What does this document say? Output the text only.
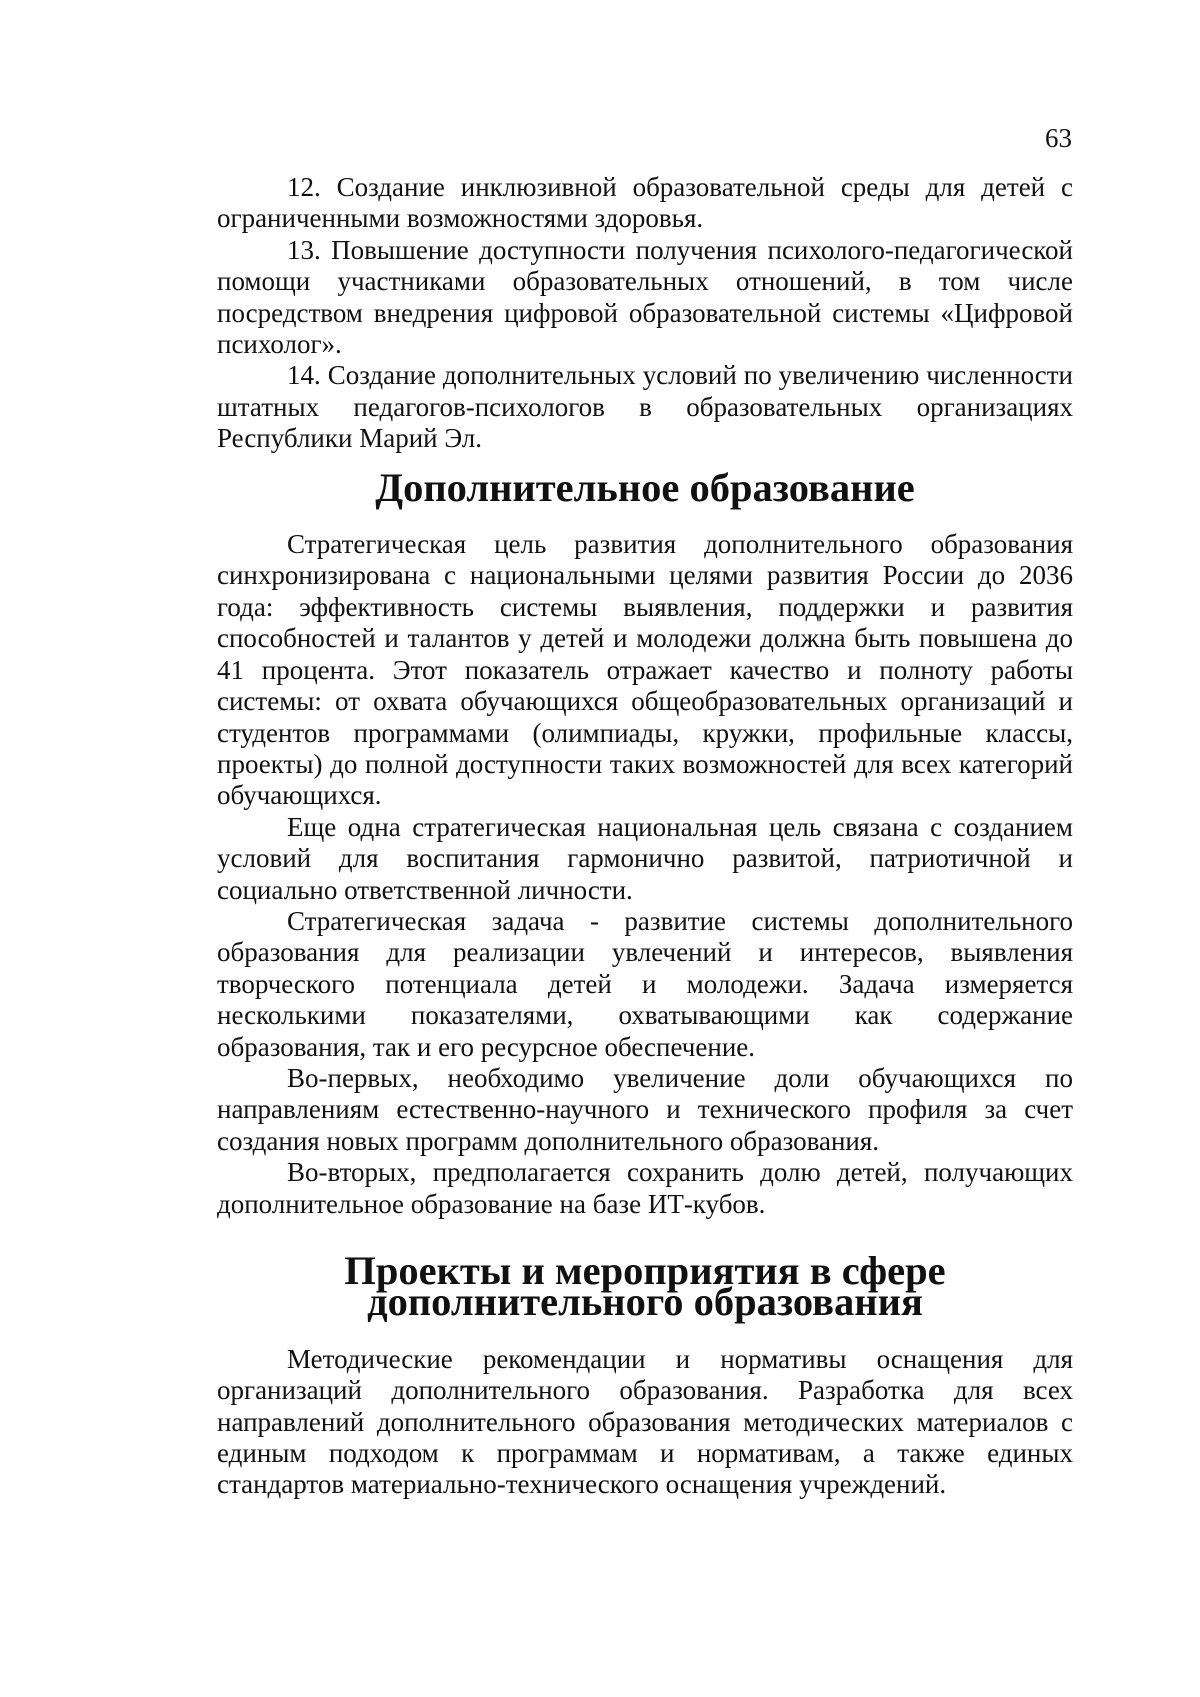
63

12. Создание инклюзивной образовательной среды для детей с ограниченными возможностями здоровья.

13. Повышение доступности получения психолого-педагогической помощи участниками образовательных отношений, в том числе посредством внедрения цифровой образовательной системы «Цифровой психолог».

14. Создание дополнительных условий по увеличению численности штатных педагогов-психологов в образовательных организациях Республики Марий Эл.

Дополнительное образование

Стратегическая цель развития дополнительного образования синхронизирована с национальными целями развития России до 2036 года: эффективность системы выявления, поддержки и развития способностей и талантов у детей и молодежи должна быть повышена до 41 процента. Этот показатель отражает качество и полноту работы системы: от охвата обучающихся общеобразовательных организаций и студентов программами (олимпиады, кружки, профильные классы, проекты) до полной доступности таких возможностей для всех категорий обучающихся.

Еще одна стратегическая национальная цель связана с созданием условий для воспитания гармонично развитой, патриотичной и социально ответственной личности.

Стратегическая задача - развитие системы дополнительного образования для реализации увлечений и интересов, выявления творческого потенциала детей и молодежи. Задача измеряется несколькими показателями, охватывающими как содержание образования, так и его ресурсное обеспечение.

Во-первых, необходимо увеличение доли обучающихся по направлениям естественно-научного и технического профиля за счет создания новых программ дополнительного образования.

Во-вторых, предполагается сохранить долю детей, получающих дополнительное образование на базе ИТ-кубов.

Проекты и мероприятия в сфере дополнительного образования

Методические рекомендации и нормативы оснащения для организаций дополнительного образования. Разработка для всех направлений дополнительного образования методических материалов с единым подходом к программам и нормативам, а также единых стандартов материально-технического оснащения учреждений.
